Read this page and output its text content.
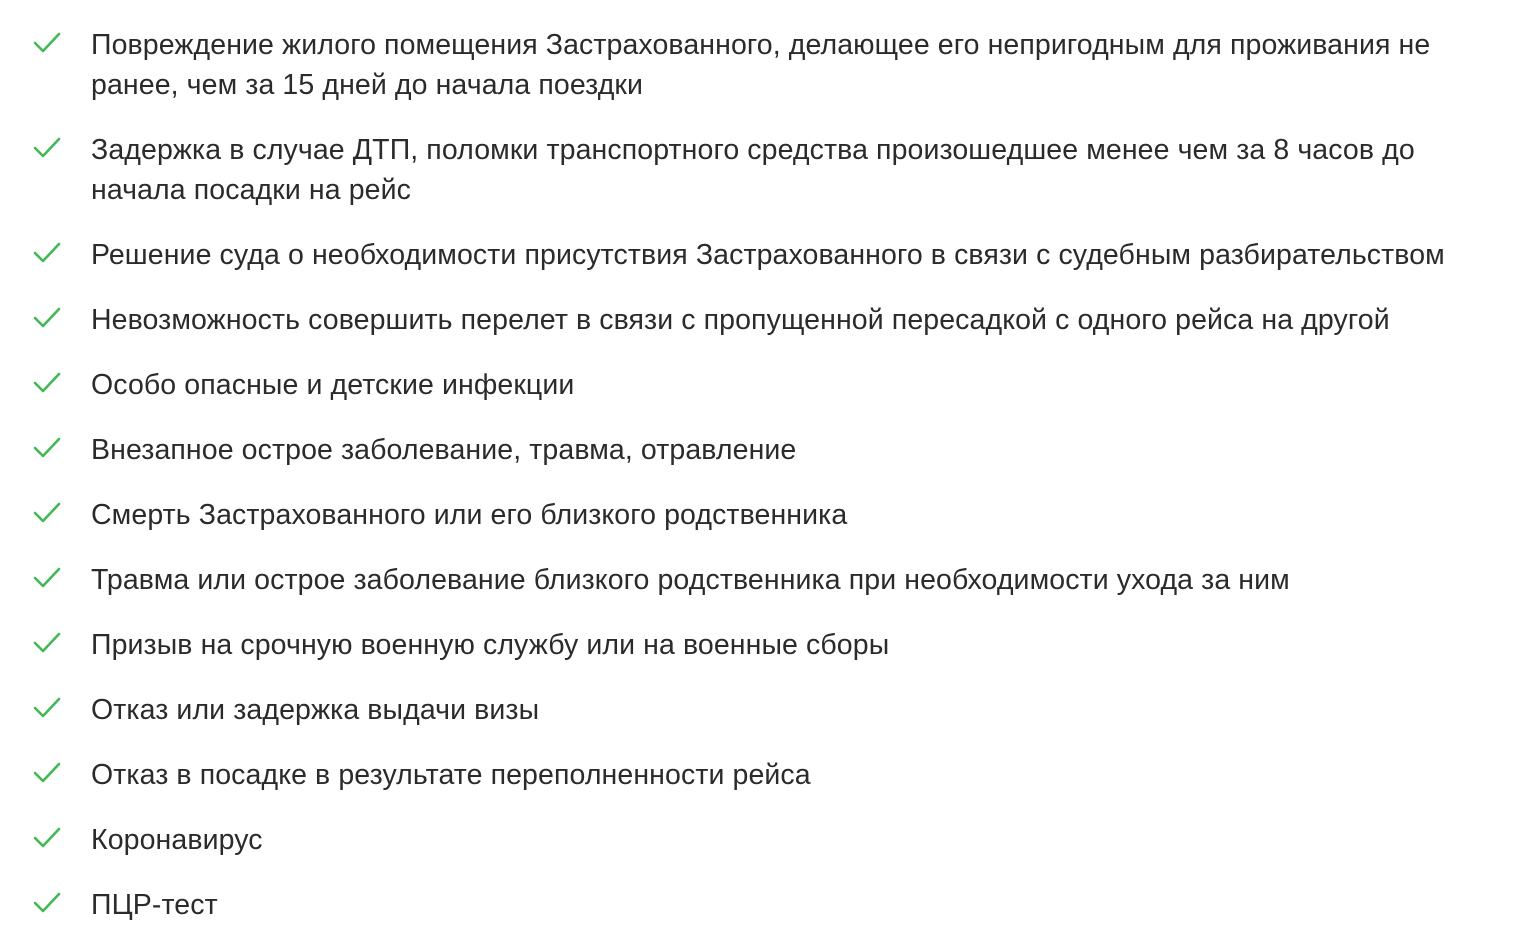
Повреждение жилого помещения Застрахованного, делающее его непригодным для проживания не
ранее, чем за 15 дней до начала поездки
Задержка в случае ДТП, поломки транспортного средства произошедшее менее чем за 8 часов до
начала посадки на рейс
Решение суда о необходимости присутствия Застрахованного в связи с судебным разбирательством
Невозможность совершить перелет в связи с пропущенной пересадкой с одного рейса на другой
Особо опасные и детские инфекции
Внезапное острое заболевание, травма, отравление
Смерть Застрахованного или его близкого родственника
Травма или острое заболевание близкого родственника при необходимости ухода за ним
Призыв на срочную военную службу или на военные сборы
Отказ или задержка выдачи визы
Отказ в посадке в результате переполненности рейса
Коронавирус
ПЦР-тест
